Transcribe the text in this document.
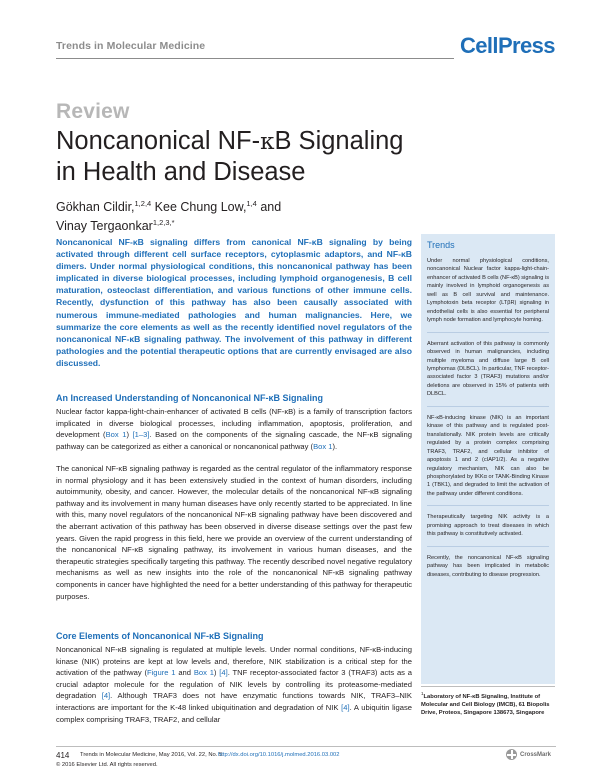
Trends in Molecular Medicine	CellPress
Review
Noncanonical NF-κB Signaling
in Health and Disease
Gökhan Cildir,$^{1,2,4}$ Kee Chung Low,$^{1,4}$ and
Vinay Tergaonkar$^{1,2,3,*}$

Noncanonical NF-κB signaling differs from canonical NF-κB signaling by being activated through different cell surface receptors, cytoplasmic adaptors, and NF-κB dimers. Under normal physiological conditions, this noncanonical pathway has been implicated in diverse biological processes, including lymphoid organogenesis, B cell maturation, osteoclast differentiation, and various functions of other immune cells. Recently, dysfunction of this pathway has also been causally associated with numerous immune-mediated pathologies and human malignancies. Here, we summarize the core elements as well as the recently identified novel regulators of the noncanonical NF-κB signaling pathway. The involvement of this pathway in different pathologies and the potential therapeutic options that are currently envisaged are also discussed.

An Increased Understanding of Noncanonical NF-κB Signaling

Nuclear factor kappa-light-chain-enhancer of activated B cells (NF-κB) is a family of transcription factors implicated in diverse biological processes, including inflammation, apoptosis, proliferation, and development (Box 1) [1–3]. Based on the components of the signaling cascade, the NF-κB signaling pathway can be categorized as either a canonical or noncanonical pathway (Box 1).

The canonical NF-κB signaling pathway is regarded as the central regulator of the inflammatory response in normal physiology and it has been extensively studied in the context of human disorders, including autoimmunity, obesity, and cancer. However, the molecular details of the noncanonical NF-κB signaling pathway and its involvement in many human diseases have only recently started to be appreciated. In line with this, many novel regulators of the noncanonical NF-κB signaling pathway have been discovered and the aberrant activation of this pathway has been observed in diverse disease settings over the past few years. Given the rapid progress in this field, here we provide an overview of the current understanding of the noncanonical NF-κB signaling pathway, its involvement in various human diseases, and the therapeutic strategies specifically targeting this pathway. The recently described novel negative regulatory mechanisms as well as new insights into the role of the noncanonical NF-κB signaling pathway components in cancer have highlighted the need for a better understanding of this pathway for therapeutic purposes.

Core Elements of Noncanonical NF-κB Signaling

Noncanonical NF-κB signaling is regulated at multiple levels. Under normal conditions, NF-κB-inducing kinase (NIK) proteins are kept at low levels and, therefore, NIK stabilization is a critical step for the activation of the pathway (Figure 1 and Box 1) [4]. TNF receptor-associated factor 3 (TRAF3) acts as a crucial adaptor molecule for the regulation of NIK levels by controlling its proteasome-mediated degradation [4]. Although TRAF3 does not have enzymatic functions towards NIK, TRAF3–NIK interactions are important for the K-48 linked ubiquitination and degradation of NIK [4]. A ubiquitin ligase complex comprising TRAF3, TRAF2, and cellular

Trends

Under normal physiological conditions, noncanonical Nuclear factor kappa-light-chain-enhancer of activated B cells (NF-κB) signaling is mainly involved in lymphoid organogenesis as well as B cell survival and maintenance. Lymphotoxin beta receptor (LTβR) signaling in endothelial cells is also essential for peripheral lymph node formation and lymphocyte homing.

Aberrant activation of this pathway is commonly observed in human malignancies, including multiple myeloma and diffuse large B cell lymphomas (DLBCL). In particular, TNF receptor-associated factor 3 (TRAF3) mutations and/or deletions are observed in 15% of patients with DLBCL.

NF-κB-inducing kinase (NIK) is an important kinase of this pathway and is regulated post-translationally. NIK protein levels are critically regulated by a protein complex comprising TRAF3, TRAF2, and cellular inhibitor of apoptosis 1 and 2 (cIAP1/2). As a negative regulatory mechanism, NIK can also be phosphorylated by IKKα or TANK-Binding Kinase 1 (TBK1), and degraded to limit the activation of the pathway under different conditions.

Therapeutically targeting NIK activity is a promising approach to treat diseases in which this pathway is constitutively activated.

Recently, the noncanonical NF-κB signaling pathway has been implicated in metabolic diseases, contributing to disease progression.

$^1$Laboratory of NF-κB Signaling, Institute of Molecular and Cell Biology (IMCB), 61 Biopolis Drive, Proteos, Singapore 138673, Singapore
414 Trends in Molecular Medicine, May 2016, Vol. 22, No. 5
http://dx.doi.org/10.1016/j.molmed.2016.03.002
© 2016 Elsevier Ltd. All rights reserved.
CrossMark
